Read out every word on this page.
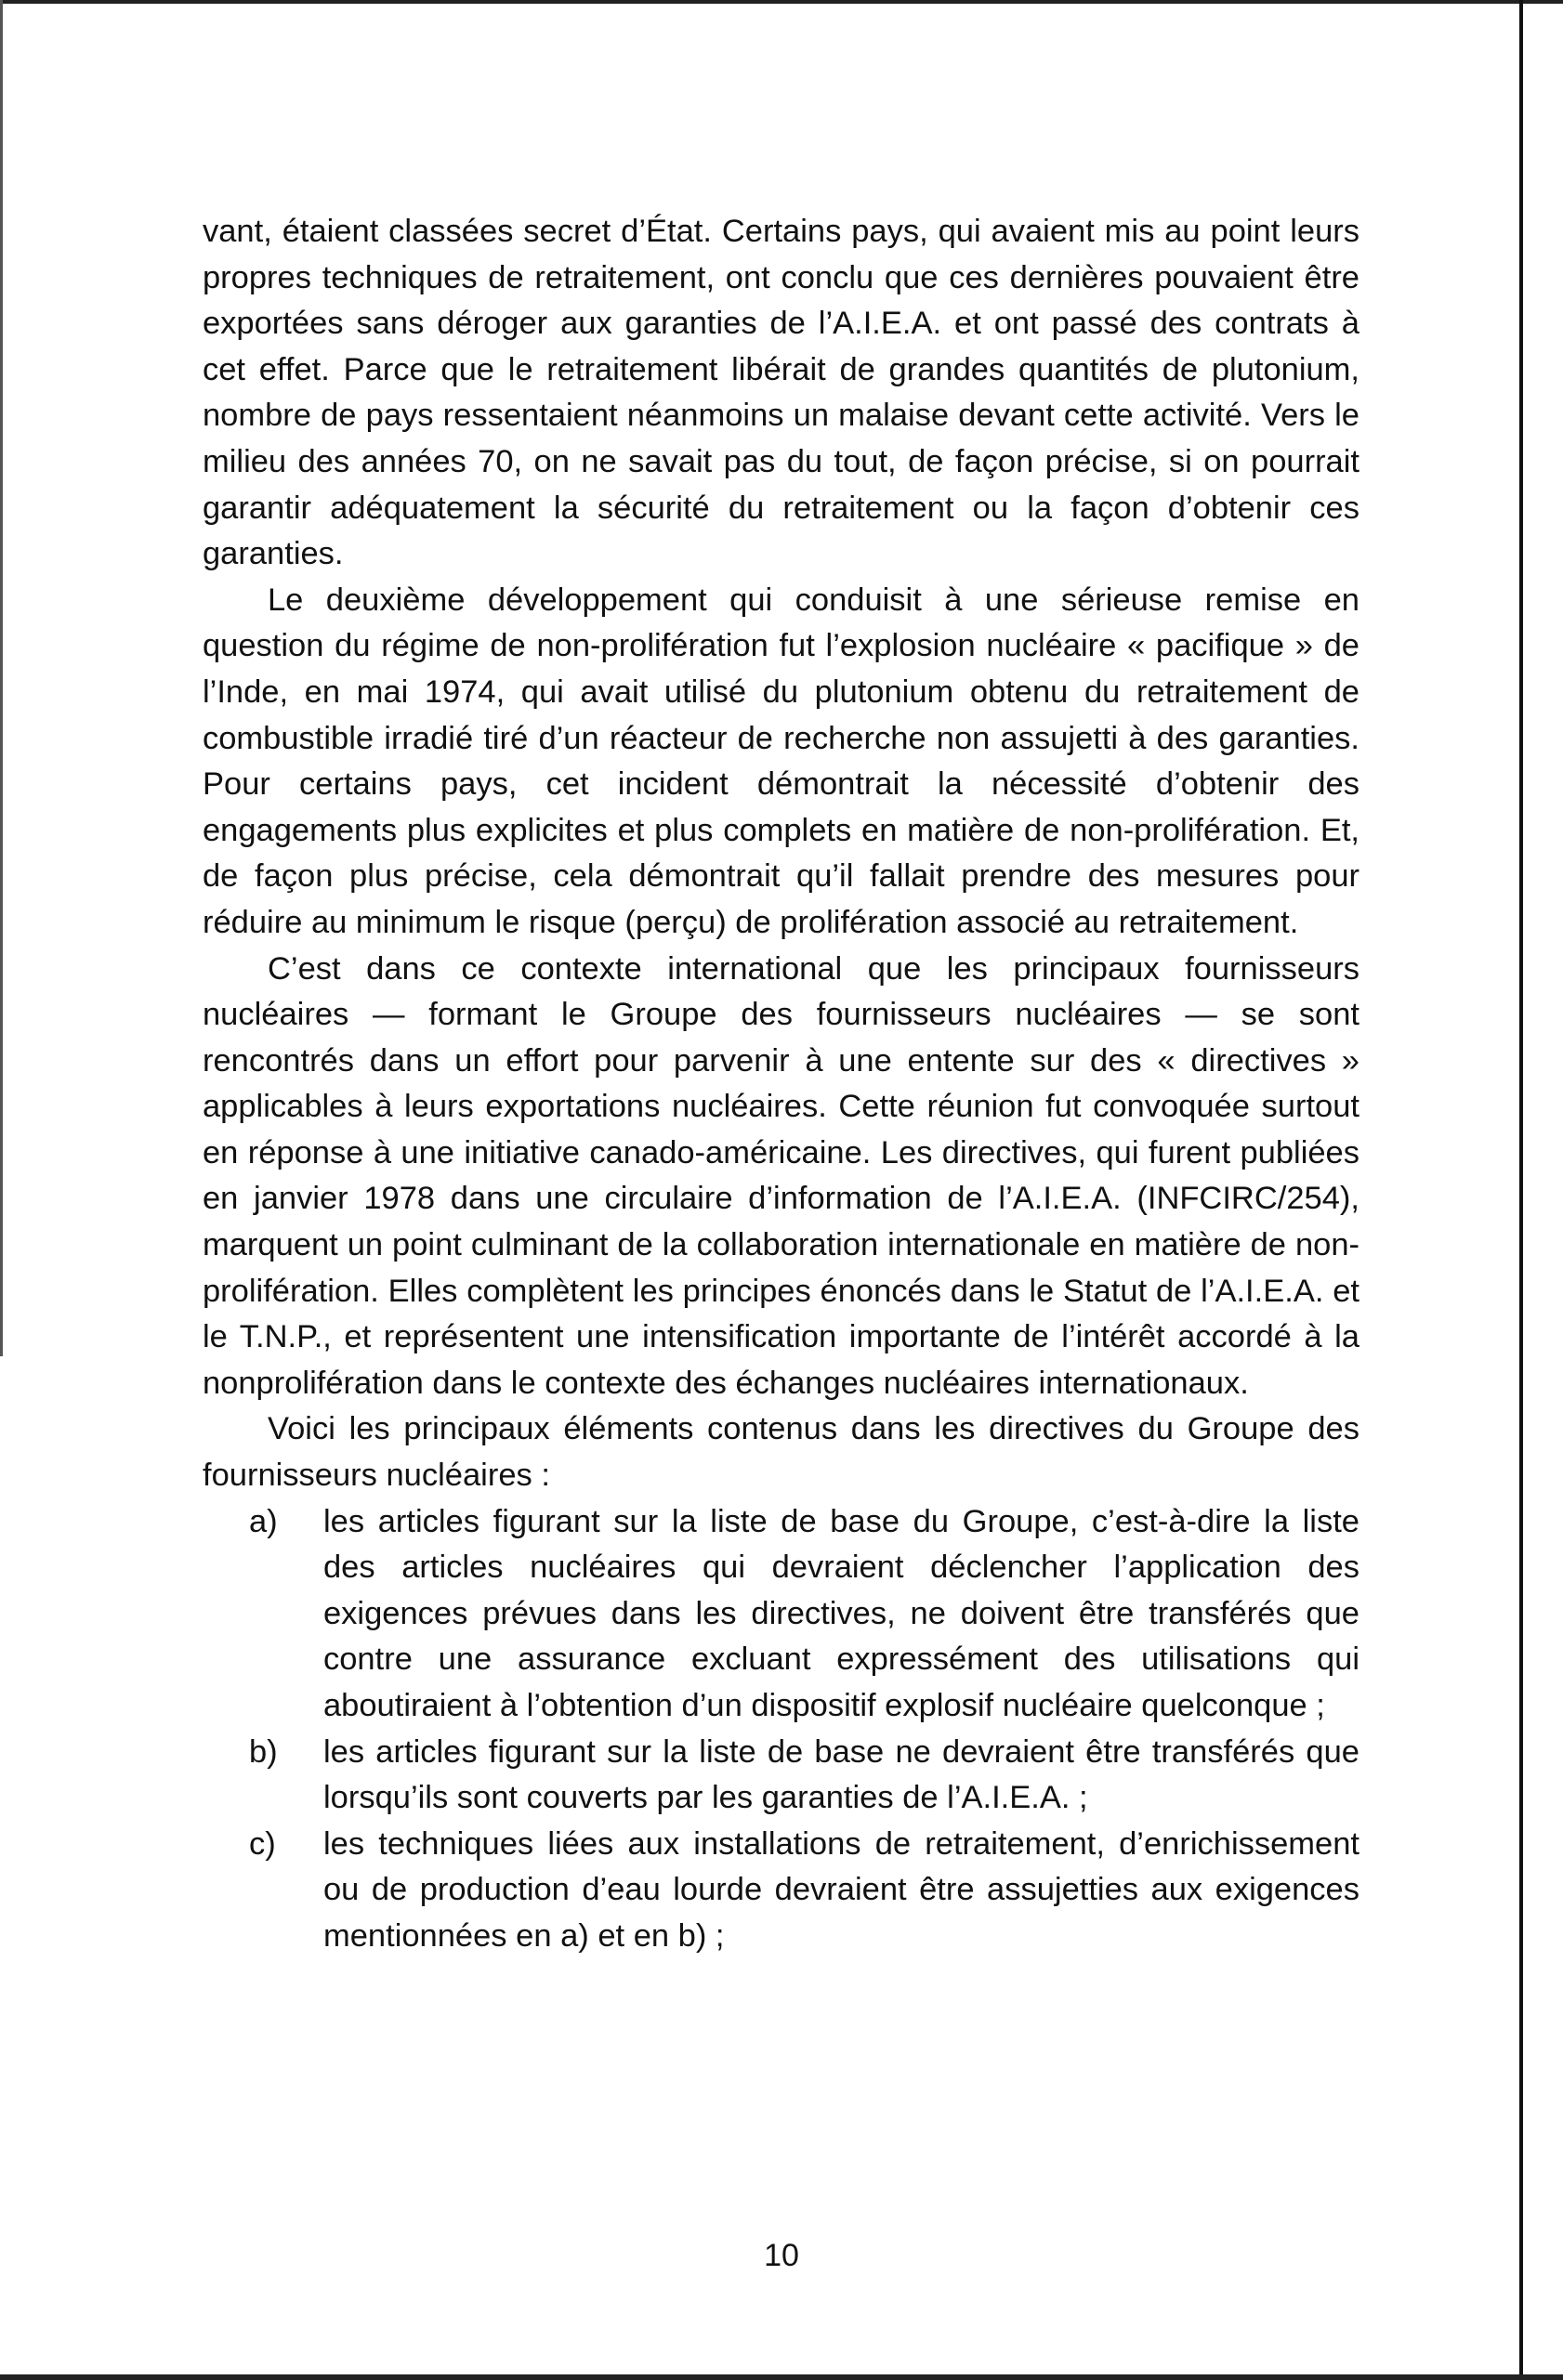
vant, étaient classées secret d’État. Certains pays, qui avaient mis au point leurs propres techniques de retraitement, ont conclu que ces dernières pouvaient être exportées sans déroger aux garanties de l’A.I.E.A. et ont passé des contrats à cet effet. Parce que le retraitement libérait de grandes quantités de plutonium, nombre de pays ressentaient néanmoins un malaise devant cette activité. Vers le milieu des années 70, on ne savait pas du tout, de façon précise, si on pourrait garantir adéquatement la sécurité du retraitement ou la façon d’obtenir ces garanties.

Le deuxième développement qui conduisit à une sérieuse remise en question du régime de non-prolifération fut l’explosion nucléaire « pacifique » de l’Inde, en mai 1974, qui avait utilisé du plutonium obtenu du retraitement de combustible irradié tiré d’un réacteur de recherche non assujetti à des garanties. Pour certains pays, cet incident démontrait la nécessité d’obtenir des engagements plus explicites et plus complets en matière de non-prolifération. Et, de façon plus précise, cela démontrait qu’il fallait prendre des mesures pour réduire au minimum le risque (perçu) de prolifération associé au retraitement.

C’est dans ce contexte international que les principaux fournisseurs nucléaires — formant le Groupe des fournisseurs nucléaires — se sont rencontrés dans un effort pour parvenir à une entente sur des « directives » applicables à leurs exportations nucléaires. Cette réunion fut convoquée surtout en réponse à une initiative canado-américaine. Les directives, qui furent publiées en janvier 1978 dans une circulaire d’information de l’A.I.E.A. (INFCIRC/254), marquent un point culminant de la collaboration internationale en matière de non-prolifération. Elles complètent les principes énoncés dans le Statut de l’A.I.E.A. et le T.N.P., et représentent une intensification importante de l’intérêt accordé à la nonprolifération dans le contexte des échanges nucléaires internationaux.

Voici les principaux éléments contenus dans les directives du Groupe des fournisseurs nucléaires :

a)	les articles figurant sur la liste de base du Groupe, c’est-à-dire la liste des articles nucléaires qui devraient déclencher l’application des exigences prévues dans les directives, ne doivent être transférés que contre une assurance excluant expressément des utilisations qui aboutiraient à l’obtention d’un dispositif explosif nucléaire quelconque ;
b)	les articles figurant sur la liste de base ne devraient être transférés que lorsqu’ils sont couverts par les garanties de l’A.I.E.A. ;
c)	les techniques liées aux installations de retraitement, d’enrichissement ou de production d’eau lourde devraient être assujetties aux exigences mentionnées en a) et en b) ;
10
